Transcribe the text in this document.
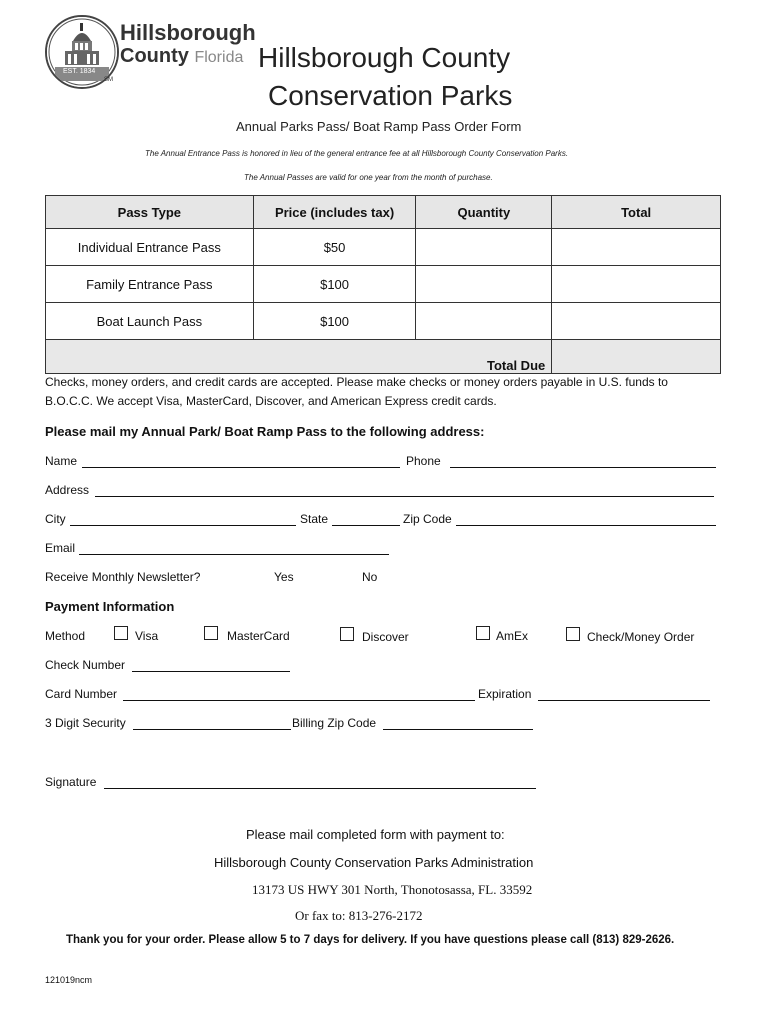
EST. 1834
Hillsborough
County Florida
SM
Hillsborough County
Conservation Parks
Annual Parks Pass/ Boat Ramp Pass Order Form
The Annual Entrance Pass is honored in lieu of the general entrance fee at all Hillsborough County Conservation Parks.
The Annual Passes are valid for one year from the month of purchase.
Pass Type	Price (includes tax)	Quantity	Total
Individual Entrance Pass	$50		
Family Entrance Pass	$100		
Boat Launch Pass	$100		
Total Due			
Checks, money orders, and credit cards are accepted. Please make checks or money orders payable in U.S. funds to
B.O.C.C. We accept Visa, MasterCard, Discover, and American Express credit cards.
Please mail my Annual Park/ Boat Ramp Pass to the following address:
Name	Phone
Address
City	State	Zip Code
Email
Receive Monthly Newsletter?	Yes	No
Payment Information
Method	Visa	MasterCard	Discover	AmEx	Check/Money Order
Check Number
Card Number	Expiration
3 Digit Security	Billing Zip Code
Signature
Please mail completed form with payment to:
Hillsborough County Conservation Parks Administration
13173 US HWY 301 North, Thonotosassa, FL. 33592
Or fax to: 813-276-2172
Thank you for your order. Please allow 5 to 7 days for delivery. If you have questions please call (813) 829-2626.
121019ncm
